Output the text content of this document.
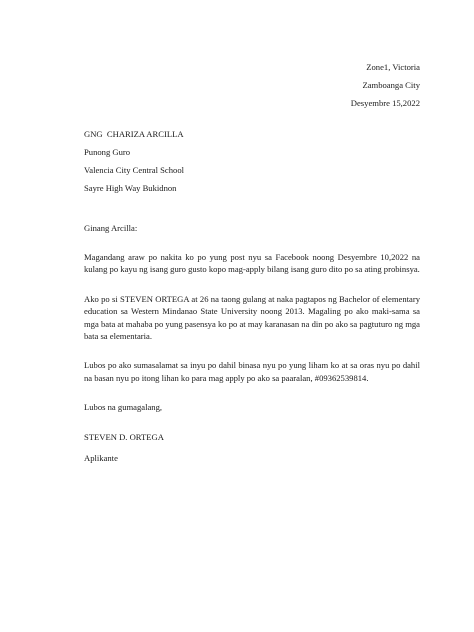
Zone1, Victoria
Zamboanga City
Desyembre 15,2022
GNG  CHARIZA ARCILLA
Punong Guro
Valencia City Central School
Sayre High Way Bukidnon
Ginang Arcilla:

Magandang araw po nakita ko po yung post nyu sa Facebook noong Desyembre 10,2022 na kulang po kayu ng isang guro gusto kopo mag-apply bilang isang guro dito po sa ating probinsya.

Ako po si STEVEN ORTEGA at 26 na taong gulang at naka pagtapos ng Bachelor of elementary education sa Western Mindanao State University noong 2013. Magaling po ako maki-sama sa mga bata at mahaba po yung pasensya ko po at may karanasan na din po ako sa pagtuturo ng mga bata sa elementaria.

Lubos po ako sumasalamat sa inyu po dahil binasa nyu po yung liham ko at sa oras nyu po dahil na basan nyu po itong lihan ko para mag apply po ako sa paaralan, #09362539814.

Lubos na gumagalang,
STEVEN D. ORTEGA
Aplikante
